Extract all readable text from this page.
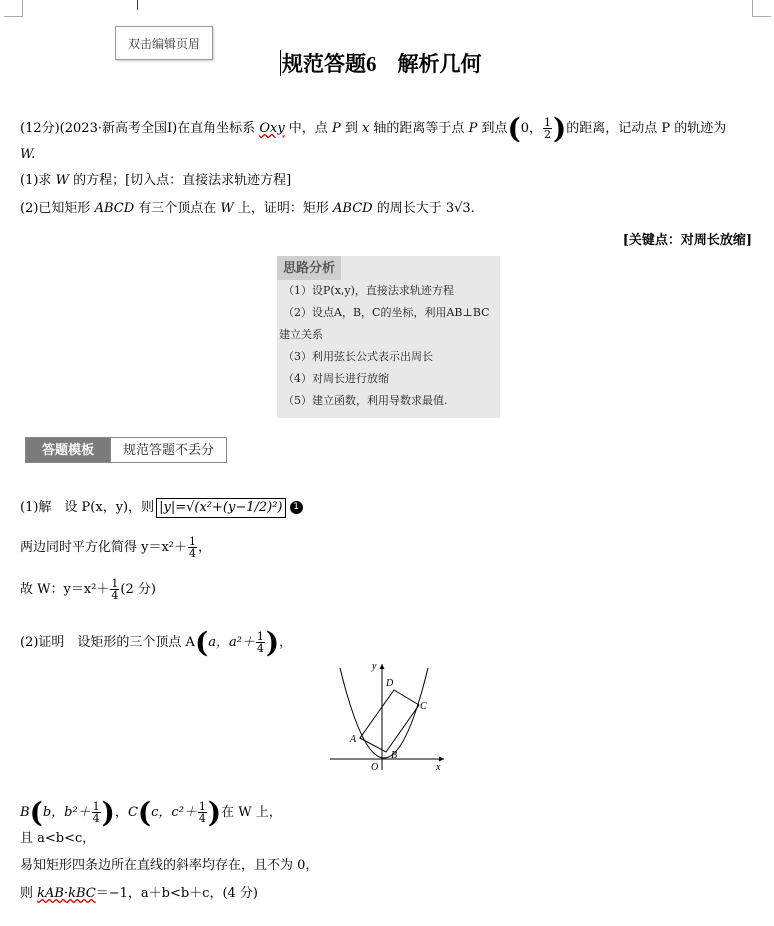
双击编辑页眉
规范答题6　解析几何
(12分)(2023·新高考全国Ⅰ)在直角坐标系 Oxy 中，点 P 到 x 轴的距离等于点 P 到点(0， $\frac{1}{2}$ )的距离，记动点 P 的轨迹为
W.
(1)求 W 的方程；[切入点：直接法求轨迹方程]
(2)已知矩形 ABCD 有三个顶点在 W 上，证明：矩形 ABCD 的周长大于 3√3.
[关键点：对周长放缩]
思路分析
（1）设P(x,y)，直接法求轨迹方程
（2）设点A，B，C的坐标，利用AB⊥BC
建立关系
（3）利用弦长公式表示出周长
（4）对周长进行放缩
（5）建立函数，利用导数求最值.
答题模板	规范答题不丢分
(1)解　设 P(x，y)，则 |y|=√(x²+(y−1/2)²) 1
两边同时平方化简得 $y=x^2+ \frac{1}{4}$ ，
故 W：$y=x^2+ \frac{1}{4} (2$ 分)
(2)证明　设矩形的三个顶点 A(a，$a^2+ \frac{1}{4}$ )，
y
D
C
A
B
O	x
B(b，$b^2+ \frac{1}{4}$ )，C(c，$c^2+ \frac{1}{4}$ )在 W 上，
且 a<b<c，
易知矩形四条边所在直线的斜率均存在，且不为 0，
则 kAB·kBC＝−1，a＋b<b＋c，(4 分)
